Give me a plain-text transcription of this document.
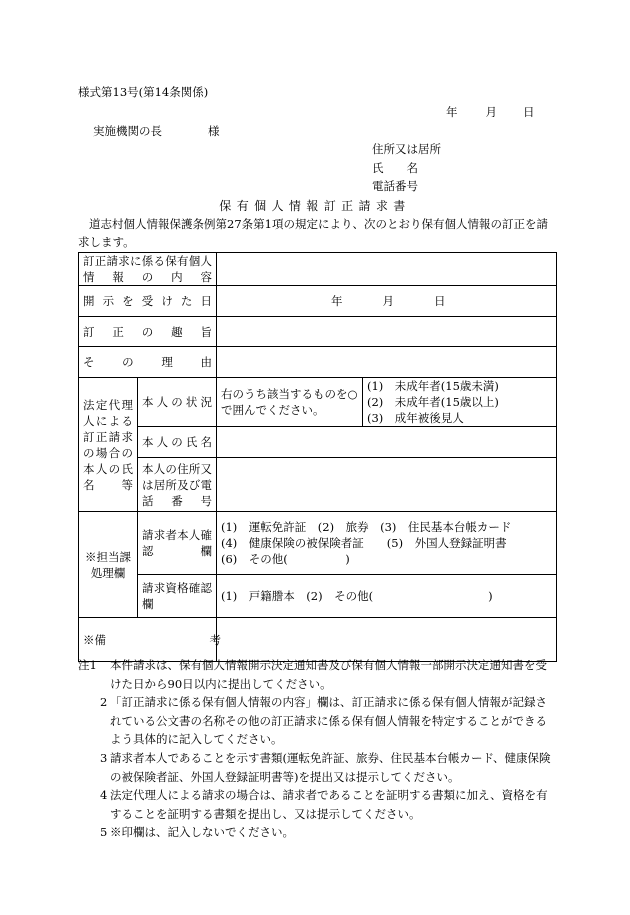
様式第13号(第14条関係)
年 月 日
実施機関の長　　　　様
住所又は居所
氏　　名
電話番号
保有個人情報訂正請求書
道志村個人情報保護条例第27条第1項の規定により、次のとおり保有個人情報の訂正を請求します。
訂正請求に係る保有個人情報の内容			
開示を受けた日		年 月 日	

訂正の趣旨			
その理由			
法定代理人による訂正請求の場合の本人の氏名等	本人の状況	右のうち該当するものを○で囲んでください。	(1)　未成年者(15歳未満)
(2)　未成年者(15歳以上)
(3)　成年被後見人

	本人の氏名		
	本人の住所又は居所及び電話番号		
※担当課処理欄	請求者本人確認欄	(1)　運転免許証　(2)　旅券　(3)　住民基本台帳カード
(4)　健康保険の被保険者証　　(5)　外国人登録証明書
(6)　その他(　　　　　)	

	請求資格確認欄	(1)　戸籍謄本　(2)　その他(　　　　　　　　　　)	
※備　　　　　　　　　考			
注1 本件請求は、保有個人情報開示決定通知書及び保有個人情報一部開示決定通知書を受けた日から90日以内に提出してください。
2 「訂正請求に係る保有個人情報の内容」欄は、訂正請求に係る保有個人情報が記録されている公文書の名称その他の訂正請求に係る保有個人情報を特定することができるよう具体的に記入してください。
3 請求者本人であることを示す書類(運転免許証、旅券、住民基本台帳カード、健康保険の被保険者証、外国人登録証明書等)を提出又は提示してください。
4 法定代理人による請求の場合は、請求者であることを証明する書類に加え、資格を有することを証明する書類を提出し、又は提示してください。
5 ※印欄は、記入しないでください。
